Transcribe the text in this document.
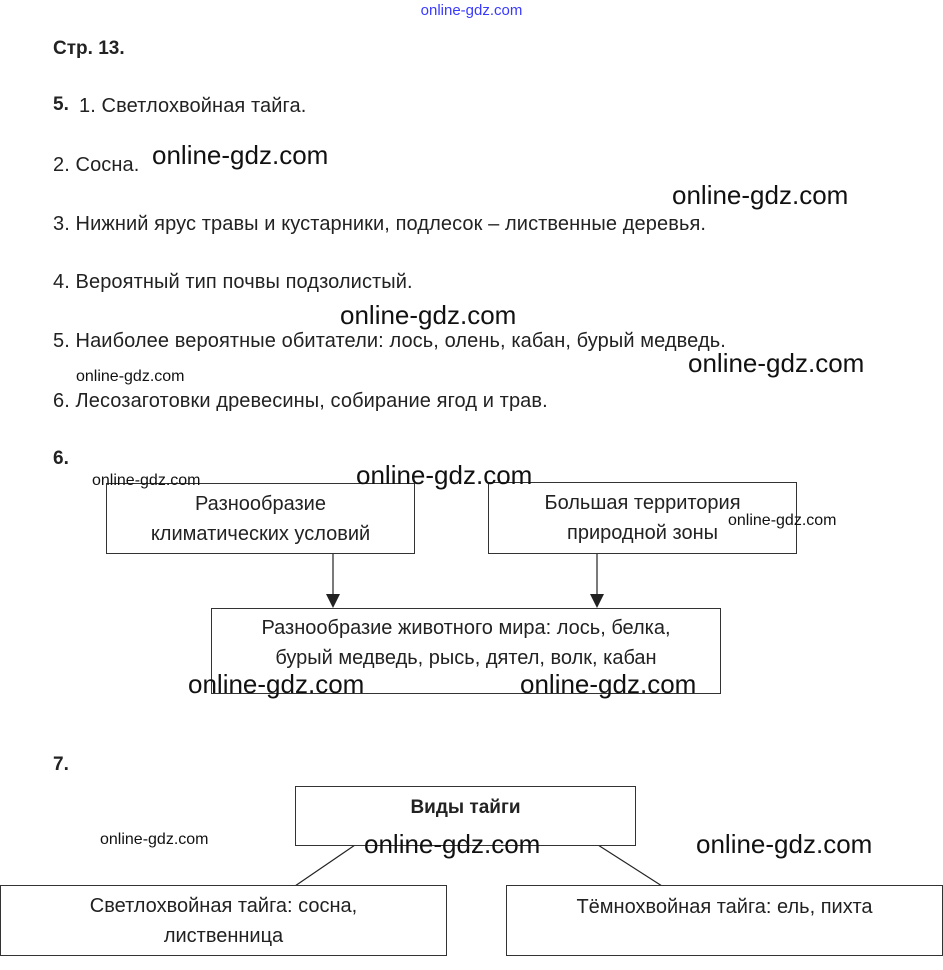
online-gdz.com
Стр. 13.
5. 1. Светлохвойная тайга.
2. Сосна.
3. Нижний ярус травы и кустарники, подлесок – лиственные деревья.
4. Вероятный тип почвы подзолистый.
5. Наиболее вероятные обитатели: лось, олень, кабан, бурый медведь.
6. Лесозаготовки древесины, собирание ягод и трав.
6.
Разнообразие
климатических условий
Большая территория
природной зоны
Разнообразие животного мира: лось, белка,
бурый медведь, рысь, дятел, волк, кабан
7.
Виды тайги
Светлохвойная тайга: сосна,
лиственница
Тёмнохвойная тайга: ель, пихта
online-gdz.com
online-gdz.com
online-gdz.com
online-gdz.com
online-gdz.com
online-gdz.com	online-gdz.com
online-gdz.com
online-gdz.com	online-gdz.com
online-gdz.com	online-gdz.com	online-gdz.com
